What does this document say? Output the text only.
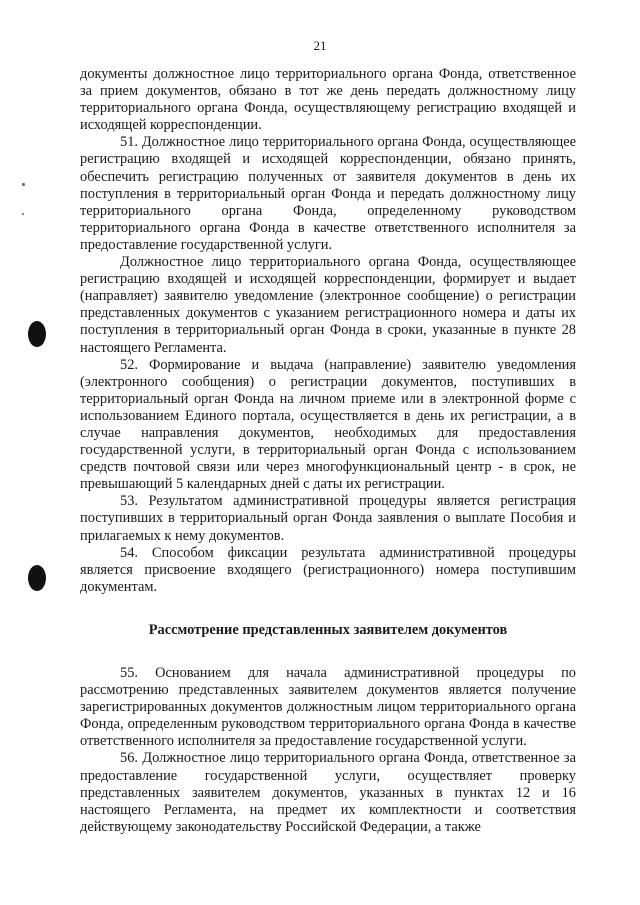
21

документы должностное лицо территориального органа Фонда, ответственное за прием документов, обязано в тот же день передать должностному лицу территориального органа Фонда, осуществляющему регистрацию входящей и исходящей корреспонденции.

51. Должностное лицо территориального органа Фонда, осуществляющее регистрацию входящей и исходящей корреспонденции, обязано принять, обеспечить регистрацию полученных от заявителя документов в день их поступления в территориальный орган Фонда и передать должностному лицу территориального органа Фонда, определенному руководством территориального органа Фонда в качестве ответственного исполнителя за предоставление государственной услуги.

Должностное лицо территориального органа Фонда, осуществляющее регистрацию входящей и исходящей корреспонденции, формирует и выдает (направляет) заявителю уведомление (электронное сообщение) о регистрации представленных документов с указанием регистрационного номера и даты их поступления в территориальный орган Фонда в сроки, указанные в пункте 28 настоящего Регламента.

52. Формирование и выдача (направление) заявителю уведомления (электронного сообщения) о регистрации документов, поступивших в территориальный орган Фонда на личном приеме или в электронной форме с использованием Единого портала, осуществляется в день их регистрации, а в случае направления документов, необходимых для предоставления государственной услуги, в территориальный орган Фонда с использованием средств почтовой связи или через многофункциональный центр - в срок, не превышающий 5 календарных дней с даты их регистрации.

53. Результатом административной процедуры является регистрация поступивших в территориальный орган Фонда заявления о выплате Пособия и прилагаемых к нему документов.

54. Способом фиксации результата административной процедуры является присвоение входящего (регистрационного) номера поступившим документам.

Рассмотрение представленных заявителем документов

55. Основанием для начала административной процедуры по рассмотрению представленных заявителем документов является получение зарегистрированных документов должностным лицом территориального органа Фонда, определенным руководством территориального органа Фонда в качестве ответственного исполнителя за предоставление государственной услуги.

56. Должностное лицо территориального органа Фонда, ответственное за предоставление государственной услуги, осуществляет проверку представленных заявителем документов, указанных в пунктах 12 и 16 настоящего Регламента, на предмет их комплектности и соответствия действующему законодательству Российской Федерации, а также
